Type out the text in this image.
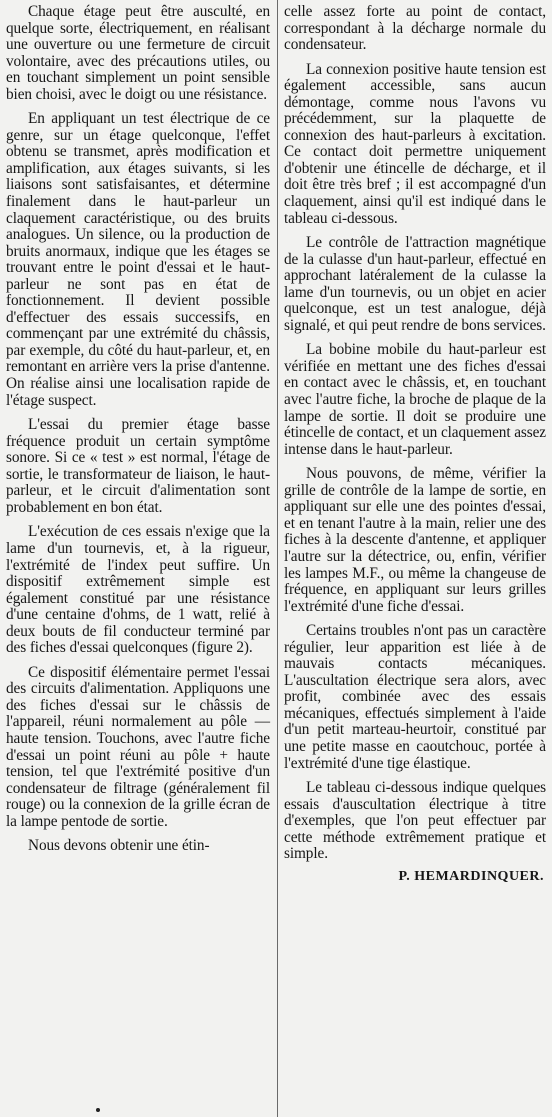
Chaque étage peut être ausculté, en quelque sorte, électriquement, en réalisant une ouverture ou une fermeture de circuit volontaire, avec des précautions utiles, ou en touchant simplement un point sensible bien choisi, avec le doigt ou une résistance.

En appliquant un test électrique de ce genre, sur un étage quelconque, l'effet obtenu se transmet, après modification et amplification, aux étages suivants, si les liaisons sont satisfaisantes, et détermine finalement dans le haut-parleur un claquement caractéristique, ou des bruits analogues. Un silence, ou la production de bruits anormaux, indique que les étages se trouvant entre le point d'essai et le haut-parleur ne sont pas en état de fonctionnement. Il devient possible d'effectuer des essais successifs, en commençant par une extrémité du châssis, par exemple, du côté du haut-parleur, et, en remontant en arrière vers la prise d'antenne. On réalise ainsi une localisation rapide de l'étage suspect.

L'essai du premier étage basse fréquence produit un certain symptôme sonore. Si ce « test » est normal, l'étage de sortie, le transformateur de liaison, le haut-parleur, et le circuit d'alimentation sont probablement en bon état.

L'exécution de ces essais n'exige que la lame d'un tournevis, et, à la rigueur, l'extrémité de l'index peut suffire. Un dispositif extrêmement simple est également constitué par une résistance d'une centaine d'ohms, de 1 watt, relié à deux bouts de fil conducteur terminé par des fiches d'essai quelconques (figure 2).

Ce dispositif élémentaire permet l'essai des circuits d'alimentation. Appliquons une des fiches d'essai sur le châssis de l'appareil, réuni normalement au pôle — haute tension. Touchons, avec l'autre fiche d'essai un point réuni au pôle + haute tension, tel que l'extrémité positive d'un condensateur de filtrage (généralement fil rouge) ou la connexion de la grille écran de la lampe pentode de sortie.

Nous devons obtenir une étin-

celle assez forte au point de contact, correspondant à la décharge normale du condensateur.

La connexion positive haute tension est également accessible, sans aucun démontage, comme nous l'avons vu précédemment, sur la plaquette de connexion des haut-parleurs à excitation. Ce contact doit permettre uniquement d'obtenir une étincelle de décharge, et il doit être très bref ; il est accompagné d'un claquement, ainsi qu'il est indiqué dans le tableau ci-dessous.

Le contrôle de l'attraction magnétique de la culasse d'un haut-parleur, effectué en approchant latéralement de la culasse la lame d'un tournevis, ou un objet en acier quelconque, est un test analogue, déjà signalé, et qui peut rendre de bons services.

La bobine mobile du haut-parleur est vérifiée en mettant une des fiches d'essai en contact avec le châssis, et, en touchant avec l'autre fiche, la broche de plaque de la lampe de sortie. Il doit se produire une étincelle de contact, et un claquement assez intense dans le haut-parleur.

Nous pouvons, de même, vérifier la grille de contrôle de la lampe de sortie, en appliquant sur elle une des pointes d'essai, et en tenant l'autre à la main, relier une des fiches à la descente d'antenne, et appliquer l'autre sur la détectrice, ou, enfin, vérifier les lampes M.F., ou même la changeuse de fréquence, en appliquant sur leurs grilles l'extrémité d'une fiche d'essai.

Certains troubles n'ont pas un caractère régulier, leur apparition est liée à de mauvais contacts mécaniques. L'auscultation électrique sera alors, avec profit, combinée avec des essais mécaniques, effectués simplement à l'aide d'un petit marteau-heurtoir, constitué par une petite masse en caoutchouc, portée à l'extrémité d'une tige élastique.

Le tableau ci-dessous indique quelques essais d'auscultation électrique à titre d'exemples, que l'on peut effectuer par cette méthode extrêmement pratique et simple.

P. HEMARDINQUER.
